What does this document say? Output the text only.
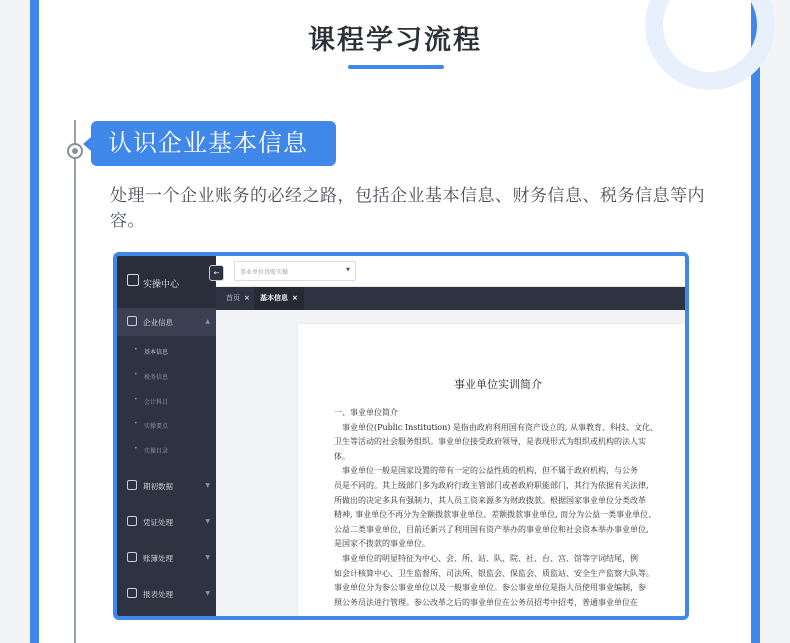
课程学习流程
认识企业基本信息
处理一个企业账务的必经之路，包括企业基本信息、财务信息、税务信息等内容。
实操中心
企业信息	▲
• 基本信息
• 税务信息
• 会计科目
• 实操要点
• 实操目录
期初数据	▼
凭证处理	▼
账簿处理	▼
报表处理	▼
←	事业单位真账实操	▼
首页 ×	基本信息 ×
事业单位实训简介

一、事业单位简介

事业单位(Public Institution) 是指由政府利用国有资产设立的, 从事教育、科技、文化、

卫生等活动的社会服务组织。事业单位接受政府领导，是表现形式为组织或机构的法人实

体。

事业单位一般是国家设置的带有一定的公益性质的机构，但不属于政府机构，与公务

员是不同的。其上级部门多为政府行政主管部门或者政府职能部门，其行为依据有关法律,

所做出的决定多具有强制力，其人员工资来源多为财政拨款。根据国家事业单位分类改革

精神, 事业单位不再分为全额拨款事业单位、差额拨款事业单位, 而分为公益一类事业单位、

公益二类事业单位，目前还新兴了利用国有资产举办的事业单位和社会资本举办事业单位,

是国家不拨款的事业单位。

事业单位的明显特征为中心、会、所、站、队、院、社、台、宫、馆等字词结尾，例

如会计核算中心、卫生监督所、司法所、银监会、保监会、质监站、安全生产监察大队等。

事业单位分为参公事业单位以及一般事业单位。参公事业单位是指人员使用事业编制，参

照公务员法进行管理。参公改革之后的事业单位在公务员招考中招考，普通事业单位在
